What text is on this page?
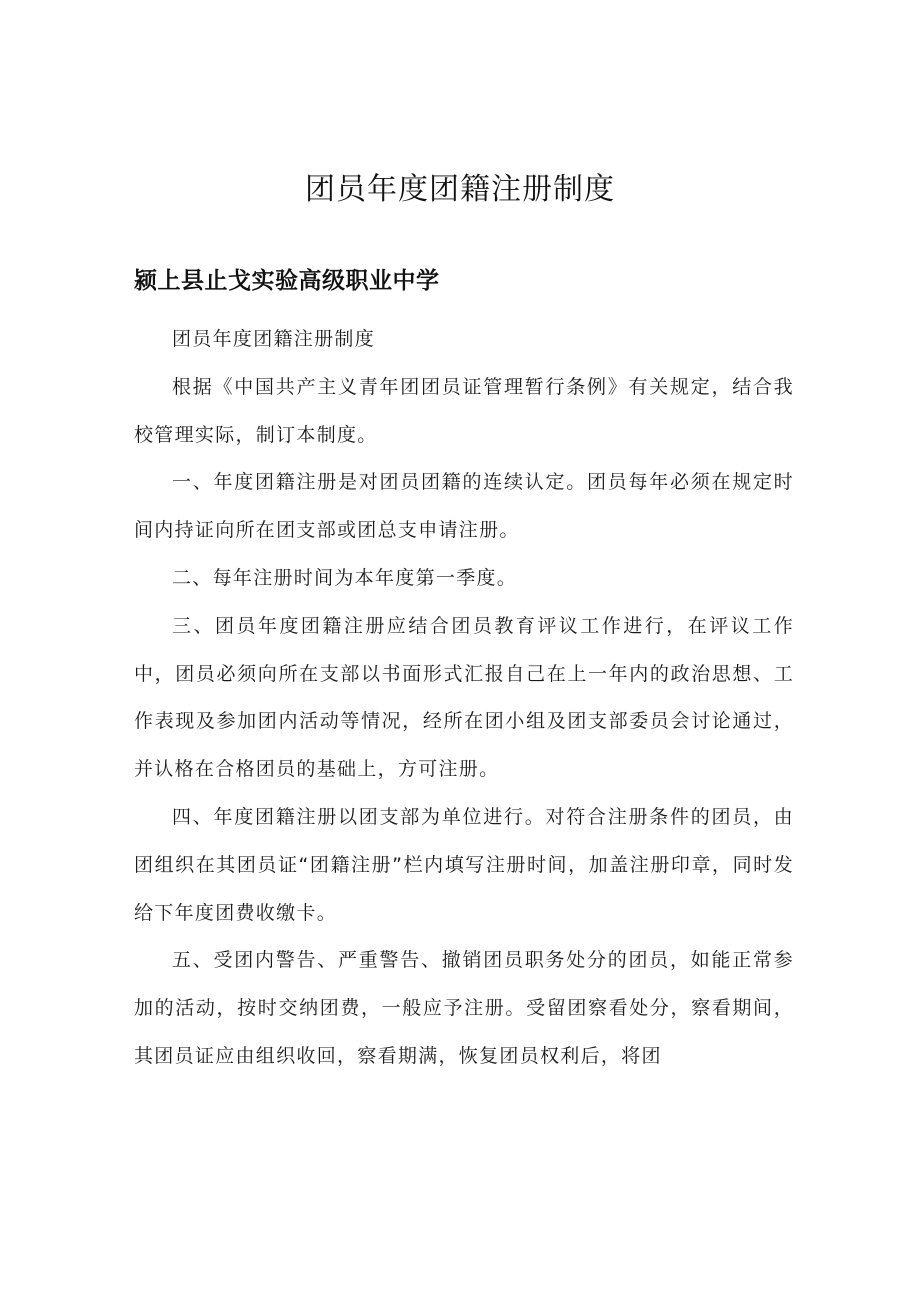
团员年度团籍注册制度
颍上县止戈实验高级职业中学

团员年度团籍注册制度

根据《中国共产主义青年团团员证管理暂行条例》有关规定，结合我校管理实际，制订本制度。

一、年度团籍注册是对团员团籍的连续认定。团员每年必须在规定时间内持证向所在团支部或团总支申请注册。

二、每年注册时间为本年度第一季度。

三、团员年度团籍注册应结合团员教育评议工作进行，在评议工作中，团员必须向所在支部以书面形式汇报自己在上一年内的政治思想、工作表现及参加团内活动等情况，经所在团小组及团支部委员会讨论通过，并认格在合格团员的基础上，方可注册。

四、年度团籍注册以团支部为单位进行。对符合注册条件的团员，由团组织在其团员证“团籍注册”栏内填写注册时间，加盖注册印章，同时发给下年度团费收缴卡。

五、受团内警告、严重警告、撤销团员职务处分的团员，如能正常参加的活动，按时交纳团费，一般应予注册。受留团察看处分，察看期间，其团员证应由组织收回，察看期满，恢复团员权利后，将团
